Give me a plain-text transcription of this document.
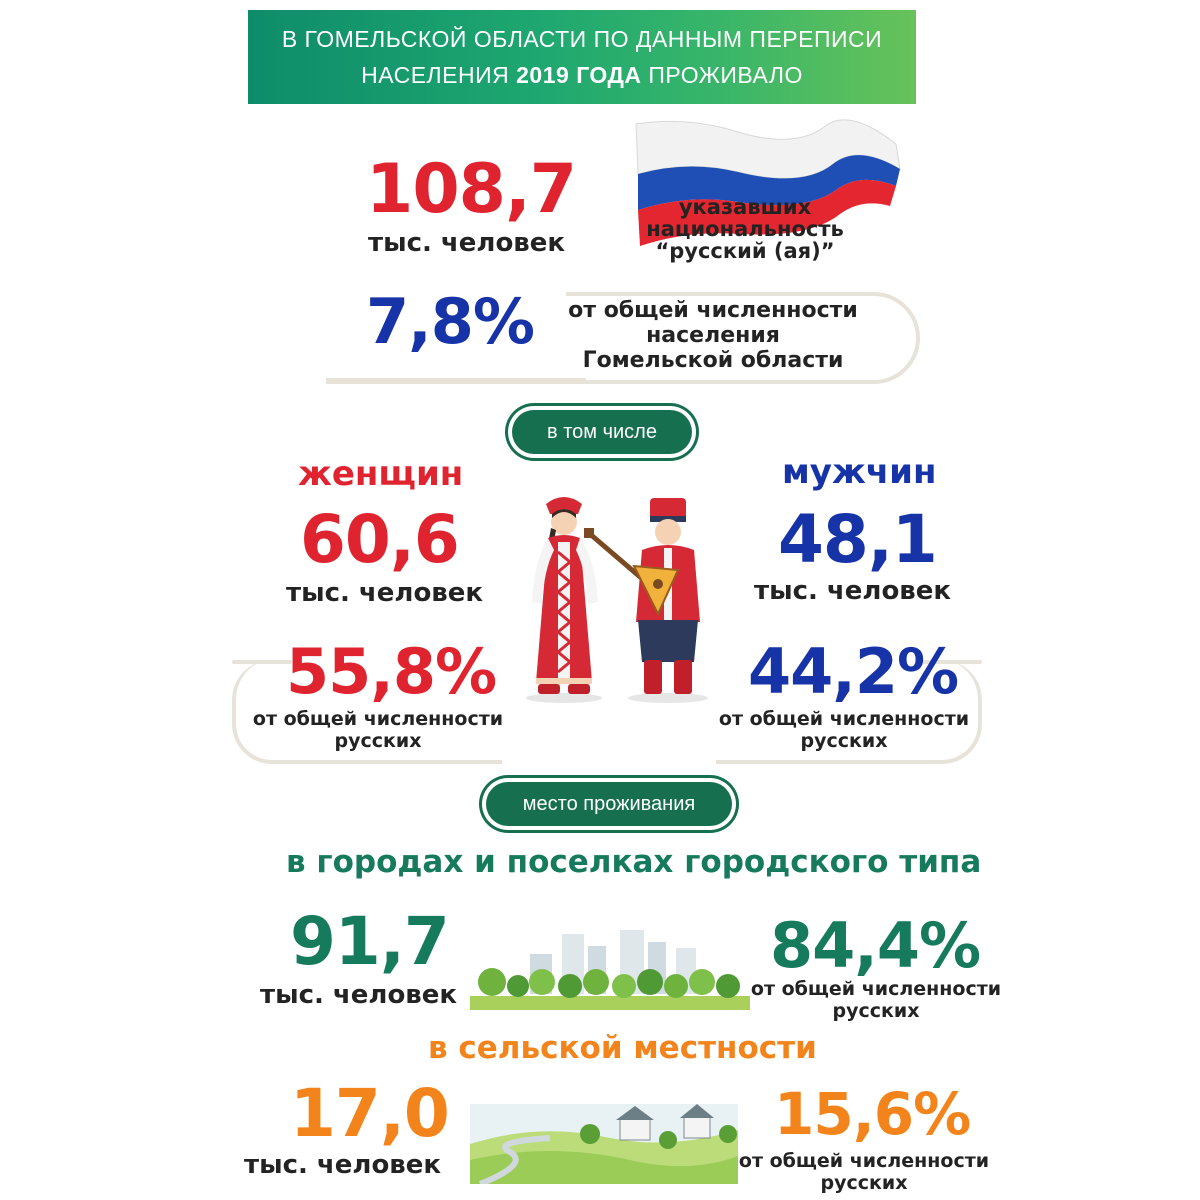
В ГОМЕЛЬСКОЙ ОБЛАСТИ ПО ДАННЫМ ПЕРЕПИСИ
НАСЕЛЕНИЯ 2019 ГОДА ПРОЖИВАЛО
108,7
тыс. человек
указавших
национальность
“русский (ая)”
7,8%	от общей численности
населения
Гомельской области
в том числе
женщин
60,6
тыс. человек
55,8%
от общей численности
русских
мужчин
48,1
тыс. человек
44,2%
от общей численности
русских
место проживания
в городах и поселках городского типа
91,7
тыс. человек
84,4%
от общей численности
русских
в сельской местности
17,0
тыс. человек
15,6%
от общей численности
русских
